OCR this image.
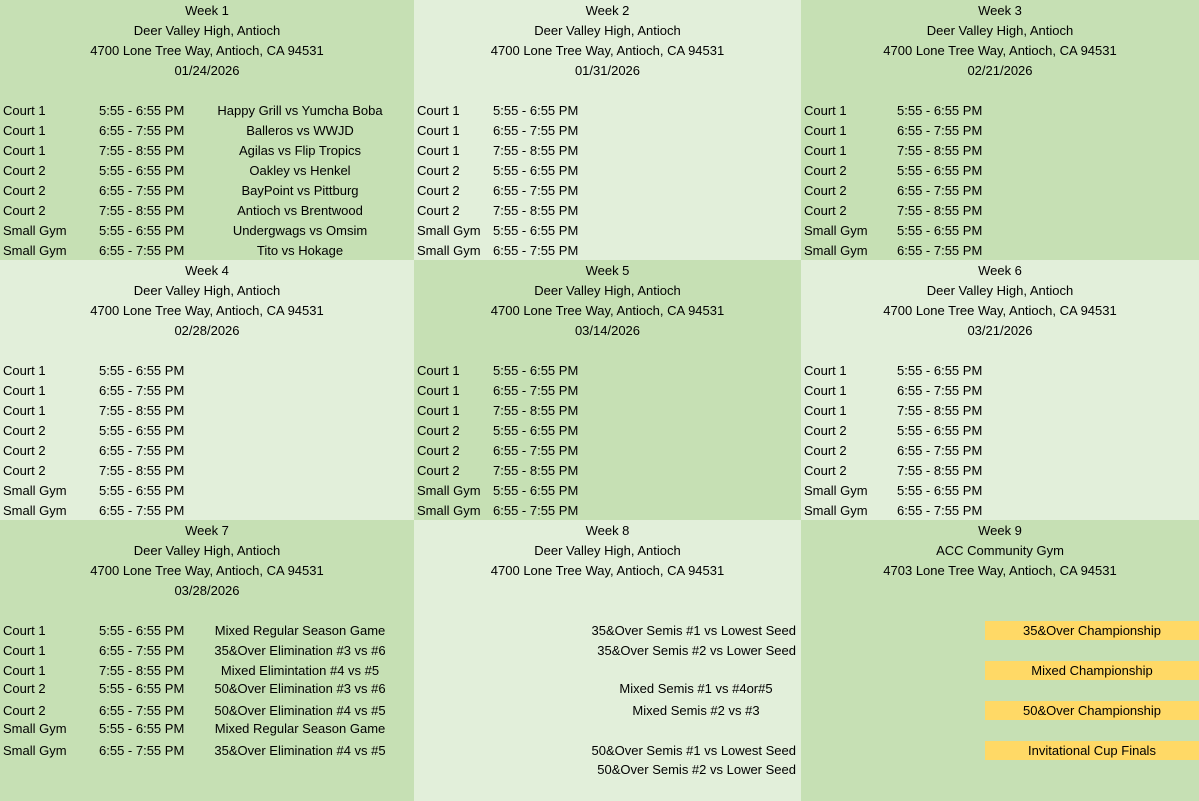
Week 1
Deer Valley High, Antioch
4700 Lone Tree Way, Antioch, CA 94531
01/24/2026
Court 1	5:55 - 6:55 PM	Happy Grill vs Yumcha Boba
Court 1	6:55 - 7:55 PM	Balleros vs WWJD
Court 1	7:55 - 8:55 PM	Agilas vs Flip Tropics
Court 2	5:55 - 6:55 PM	Oakley vs Henkel
Court 2	6:55 - 7:55 PM	BayPoint vs Pittburg
Court 2	7:55 - 8:55 PM	Antioch vs Brentwood
Small Gym 5:55 - 6:55 PM	Undergwags vs Omsim
Small Gym 6:55 - 7:55 PM	Tito vs Hokage
Week 2
Deer Valley High, Antioch
4700 Lone Tree Way, Antioch, CA 94531
01/31/2026
Court 1	5:55 - 6:55 PM
Court 1	6:55 - 7:55 PM
Court 1	7:55 - 8:55 PM
Court 2	5:55 - 6:55 PM
Court 2	6:55 - 7:55 PM
Court 2	7:55 - 8:55 PM
Small Gym 5:55 - 6:55 PM
Small Gym 6:55 - 7:55 PM
Week 3
Deer Valley High, Antioch
4700 Lone Tree Way, Antioch, CA 94531
02/21/2026
Court 1	5:55 - 6:55 PM
Court 1	6:55 - 7:55 PM
Court 1	7:55 - 8:55 PM
Court 2	5:55 - 6:55 PM
Court 2	6:55 - 7:55 PM
Court 2	7:55 - 8:55 PM
Small Gym 5:55 - 6:55 PM
Small Gym 6:55 - 7:55 PM
Week 4
Deer Valley High, Antioch
4700 Lone Tree Way, Antioch, CA 94531
02/28/2026
Court 1	5:55 - 6:55 PM
Court 1	6:55 - 7:55 PM
Court 1	7:55 - 8:55 PM
Court 2	5:55 - 6:55 PM
Court 2	6:55 - 7:55 PM
Court 2	7:55 - 8:55 PM
Small Gym 5:55 - 6:55 PM
Small Gym 6:55 - 7:55 PM
Week 5
Deer Valley High, Antioch
4700 Lone Tree Way, Antioch, CA 94531
03/14/2026
Court 1	5:55 - 6:55 PM
Court 1	6:55 - 7:55 PM
Court 1	7:55 - 8:55 PM
Court 2	5:55 - 6:55 PM
Court 2	6:55 - 7:55 PM
Court 2	7:55 - 8:55 PM
Small Gym 5:55 - 6:55 PM
Small Gym 6:55 - 7:55 PM
Week 6
Deer Valley High, Antioch
4700 Lone Tree Way, Antioch, CA 94531
03/21/2026
Court 1	5:55 - 6:55 PM
Court 1	6:55 - 7:55 PM
Court 1	7:55 - 8:55 PM
Court 2	5:55 - 6:55 PM
Court 2	6:55 - 7:55 PM
Court 2	7:55 - 8:55 PM
Small Gym 5:55 - 6:55 PM
Small Gym 6:55 - 7:55 PM
Week 7
Deer Valley High, Antioch
4700 Lone Tree Way, Antioch, CA 94531
03/28/2026
Court 1	5:55 - 6:55 PM	Mixed Regular Season Game
Court 1	6:55 - 7:55 PM	35&Over Elimination #3 vs #6
Court 1	7:55 - 8:55 PM	Mixed Elimintation #4 vs #5
Court 2	5:55 - 6:55 PM	50&Over Elimination #3 vs #6
Court 2	6:55 - 7:55 PM	50&Over Elimination #4 vs #5
Small Gym 5:55 - 6:55 PM	Mixed Regular Season Game
Small Gym 6:55 - 7:55 PM	35&Over Elimination #4 vs #5
Week 8
Deer Valley High, Antioch
4700 Lone Tree Way, Antioch, CA 94531
35&Over Semis #1 vs Lowest Seed
35&Over Semis #2 vs Lower Seed
Mixed Semis #1 vs #4or#5
Mixed Semis #2 vs #3
50&Over Semis #1 vs Lowest Seed
50&Over Semis #2 vs Lower Seed
Week 9
ACC Community Gym
4703 Lone Tree Way, Antioch, CA 94531
35&Over Championship
Mixed Championship
50&Over Championship
Invitational Cup Finals
